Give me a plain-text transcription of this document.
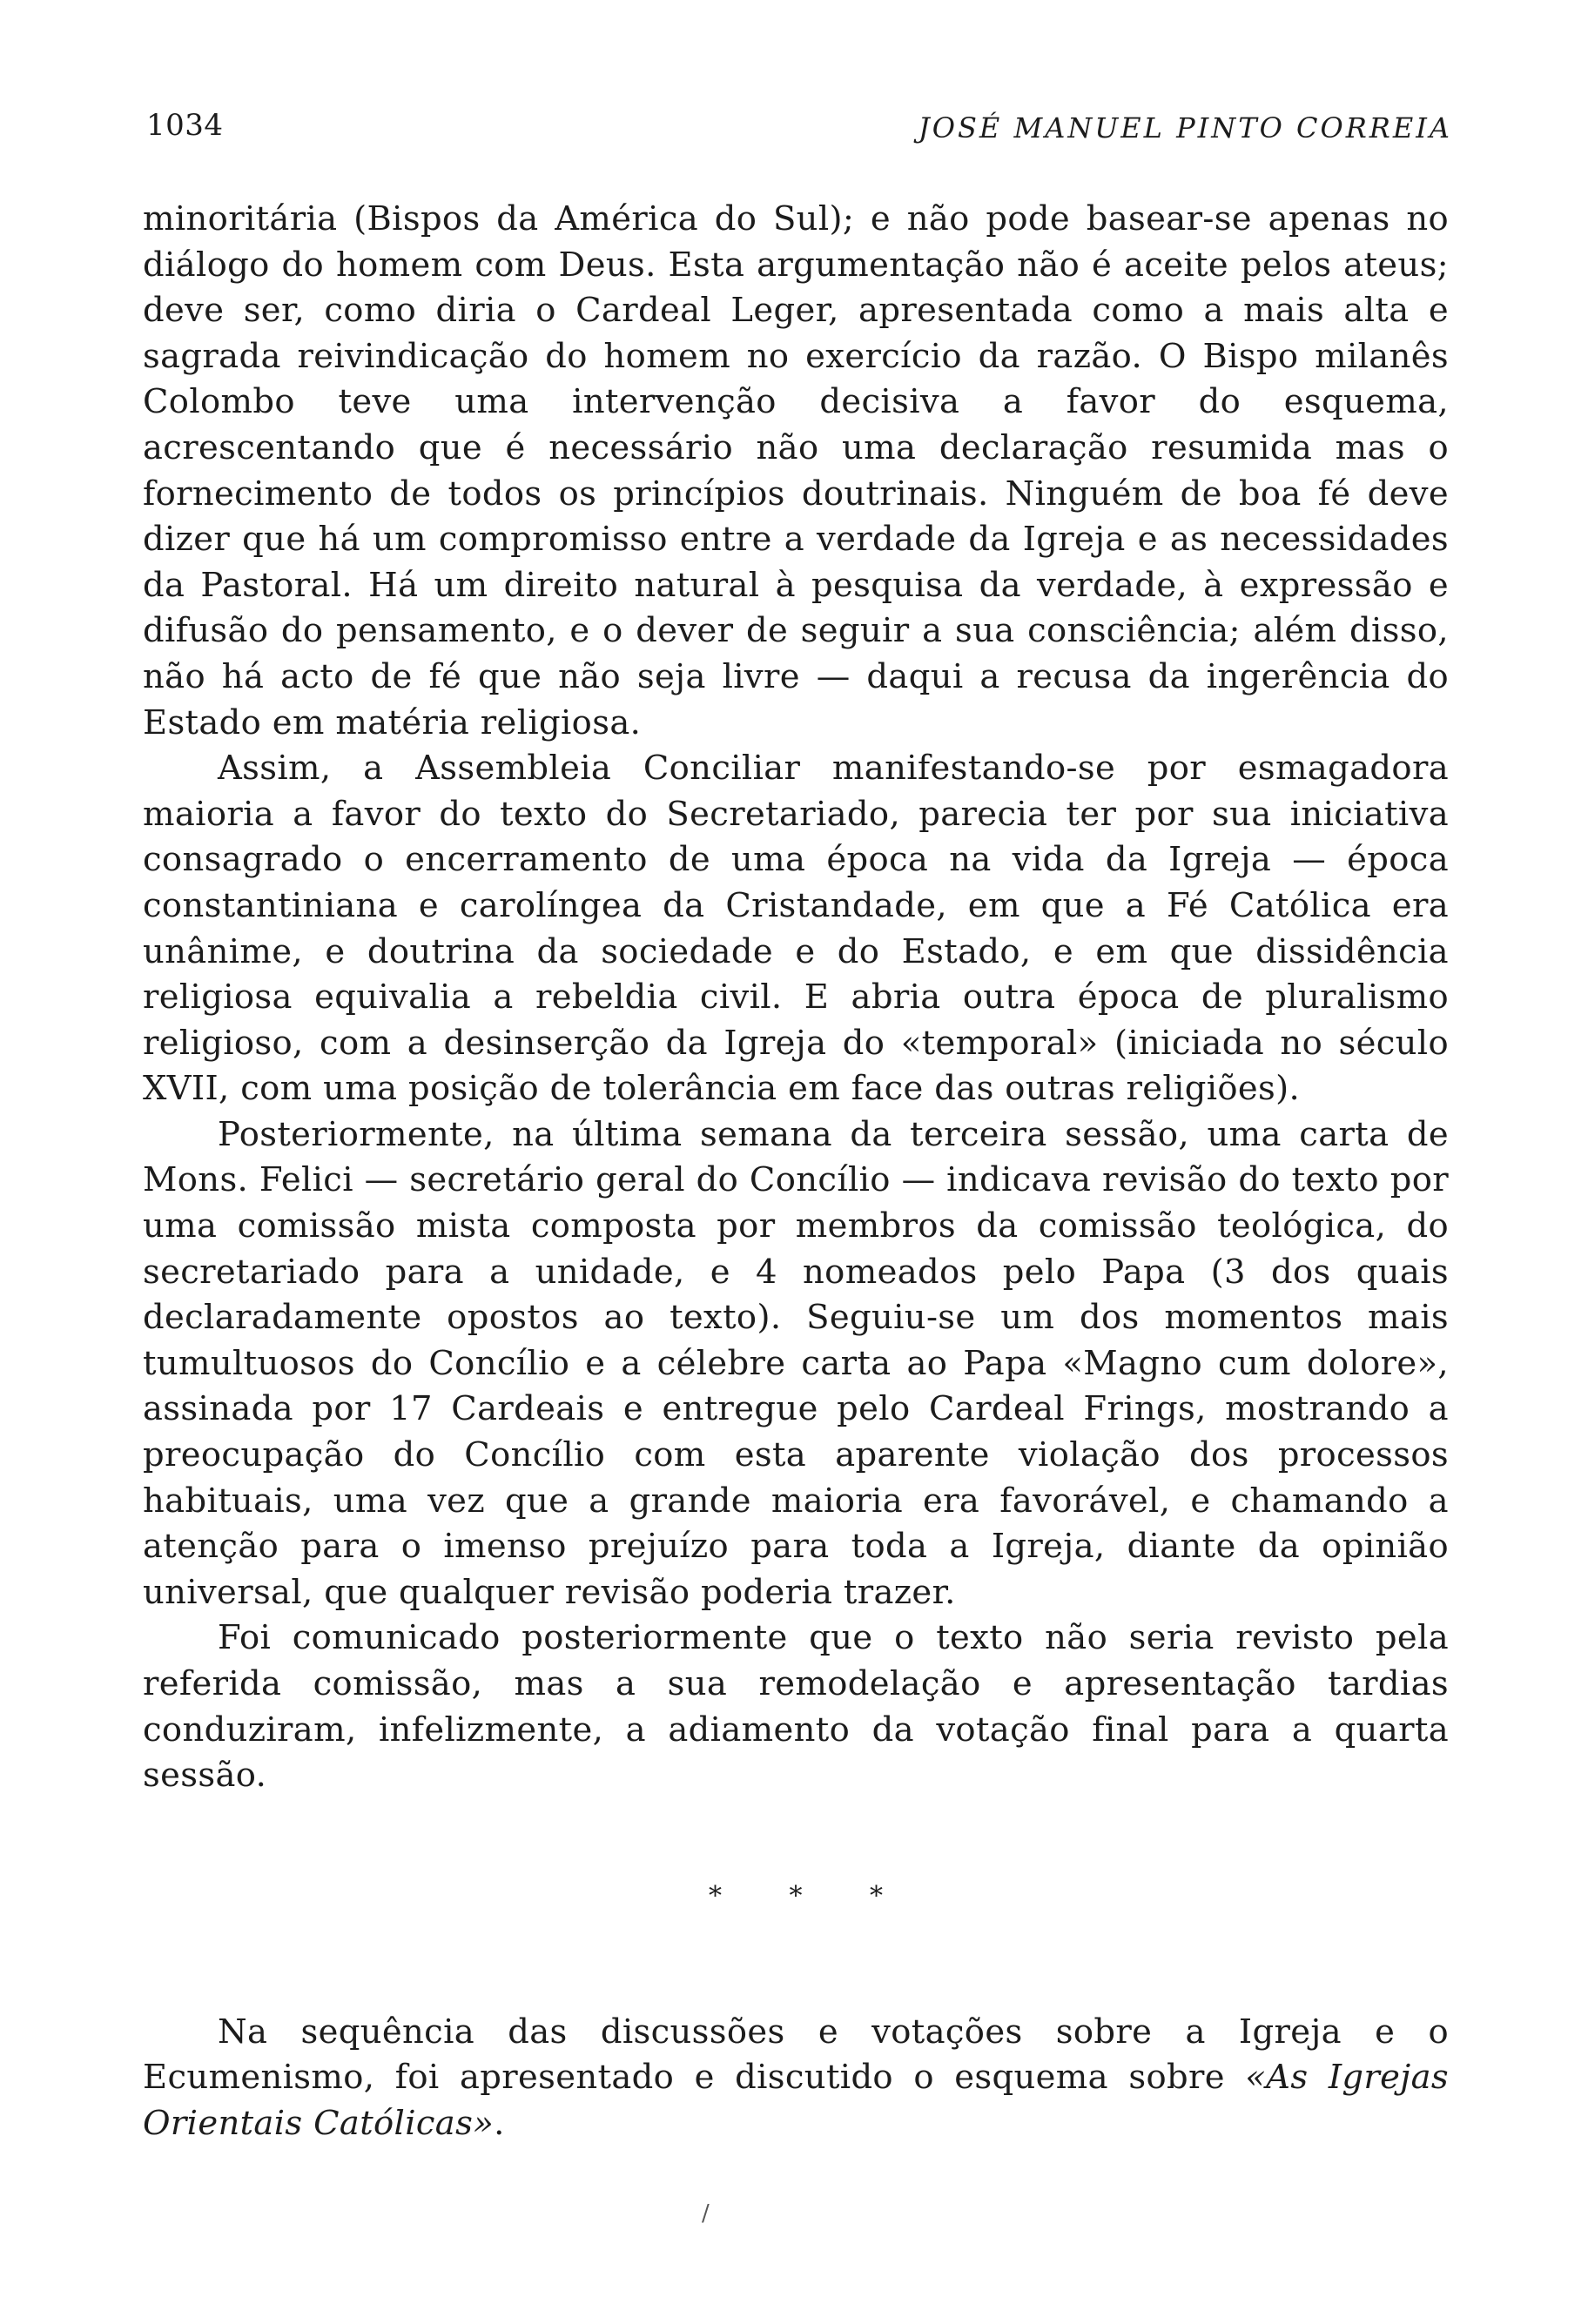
1034	JOSÉ MANUEL PINTO CORREIA

minoritária (Bispos da América do Sul); e não pode basear-se apenas no diálogo do homem com Deus. Esta argumentação não é aceite pelos ateus; deve ser, como diria o Cardeal Leger, apresentada como a mais alta e sagrada reivindicação do homem no exercício da razão. O Bispo milanês Colombo teve uma intervenção decisiva a favor do esquema, acrescentando que é necessário não uma declaração resumida mas o fornecimento de todos os princípios doutrinais. Ninguém de boa fé deve dizer que há um compromisso entre a verdade da Igreja e as necessidades da Pastoral. Há um direito natural à pesquisa da verdade, à expressão e difusão do pensamento, e o dever de seguir a sua consciência; além disso, não há acto de fé que não seja livre — daqui a recusa da ingerência do Estado em matéria religiosa.

Assim, a Assembleia Conciliar manifestando-se por esmagadora maioria a favor do texto do Secretariado, parecia ter por sua iniciativa consagrado o encerramento de uma época na vida da Igreja — época constantiniana e carolíngea da Cristandade, em que a Fé Católica era unânime, e doutrina da sociedade e do Estado, e em que dissidência religiosa equivalia a rebeldia civil. E abria outra época de pluralismo religioso, com a desinserção da Igreja do «temporal» (iniciada no século XVII, com uma posição de tolerância em face das outras religiões).

Posteriormente, na última semana da terceira sessão, uma carta de Mons. Felici — secretário geral do Concílio — indicava revisão do texto por uma comissão mista composta por membros da comissão teológica, do secretariado para a unidade, e 4 nomeados pelo Papa (3 dos quais declaradamente opostos ao texto). Seguiu-se um dos momentos mais tumultuosos do Concílio e a célebre carta ao Papa «Magno cum dolore», assinada por 17 Cardeais e entregue pelo Cardeal Frings, mostrando a preocupação do Concílio com esta aparente violação dos processos habituais, uma vez que a grande maioria era favorável, e chamando a atenção para o imenso prejuízo para toda a Igreja, diante da opinião universal, que qualquer revisão poderia trazer.

Foi comunicado posteriormente que o texto não seria revisto pela referida comissão, mas a sua remodelação e apresentação tardias conduziram, infelizmente, a adiamento da votação final para a quarta sessão.

* * *

Na sequência das discussões e votações sobre a Igreja e o Ecumenismo, foi apresentado e discutido o esquema sobre «As Igrejas Orientais Católicas».

/
